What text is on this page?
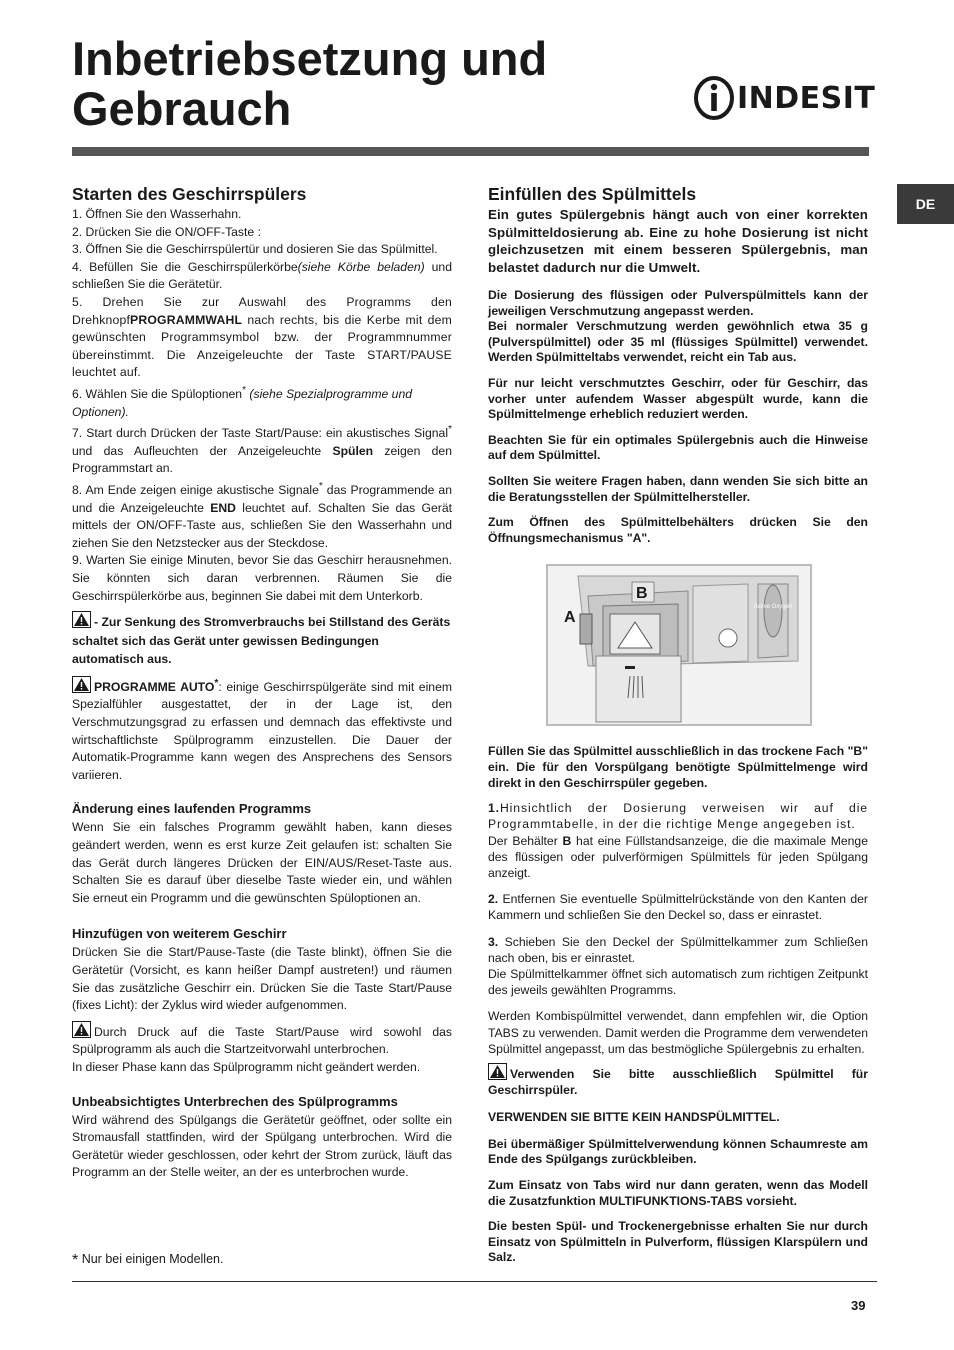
Inbetriebsetzung und Gebrauch	INDESIT
DE
Starten des Geschirrspülers

1. Öffnen Sie den Wasserhahn.

2. Drücken Sie die ON/OFF-Taste :

3. Öffnen Sie die Geschirrspülertür und dosieren Sie das Spülmittel.

4. Befüllen Sie die Geschirrspülerkörbe(siehe Körbe beladen) und schließen Sie die Gerätetür.

5. Drehen Sie zur Auswahl des Programms den DrehknopfPROGRAMMWAHL nach rechts, bis die Kerbe mit dem gewünschten Programmsymbol bzw. der Programmnummer übereinstimmt. Die Anzeigeleuchte der Taste START/PAUSE leuchtet auf.

6. Wählen Sie die Spüloptionen* (siehe Spezialprogramme und Optionen).

7. Start durch Drücken der Taste Start/Pause: ein akustisches Signal* und das Aufleuchten der Anzeigeleuchte Spülen zeigen den Programmstart an.

8. Am Ende zeigen einige akustische Signale* das Programmende an und die Anzeigeleuchte END leuchtet auf. Schalten Sie das Gerät mittels der ON/OFF-Taste aus, schließen Sie den Wasserhahn und ziehen Sie den Netzstecker aus der Steckdose.

9. Warten Sie einige Minuten, bevor Sie das Geschirr herausnehmen. Sie könnten sich daran verbrennen. Räumen Sie die Geschirrspülerkörbe aus, beginnen Sie dabei mit dem Unterkorb.

- Zur Senkung des Stromverbrauchs bei Stillstand des Geräts schaltet sich das Gerät unter gewissen Bedingungen automatisch aus.

PROGRAMME AUTO*: einige Geschirrspülgeräte sind mit einem Spezialfühler ausgestattet, der in der Lage ist, den Verschmutzungsgrad zu erfassen und demnach das effektivste und wirtschaftlichste Spülprogramm einzustellen. Die Dauer der Automatik-Programme kann wegen des Ansprechens des Sensors variieren.

Änderung eines laufenden Programms

Wenn Sie ein falsches Programm gewählt haben, kann dieses geändert werden, wenn es erst kurze Zeit gelaufen ist: schalten Sie das Gerät durch längeres Drücken der EIN/AUS/Reset-Taste aus. Schalten Sie es darauf über dieselbe Taste wieder ein, und wählen Sie erneut ein Programm und die gewünschten Spüloptionen an.

Hinzufügen von weiterem Geschirr

Drücken Sie die Start/Pause-Taste (die Taste blinkt), öffnen Sie die Gerätetür (Vorsicht, es kann heißer Dampf austreten!) und räumen Sie das zusätzliche Geschirr ein. Drücken Sie die Taste Start/Pause (fixes Licht): der Zyklus wird wieder aufgenommen.

Durch Druck auf die Taste Start/Pause wird sowohl das Spülprogramm als auch die Startzeitvorwahl unterbrochen.

In dieser Phase kann das Spülprogramm nicht geändert werden.

Unbeabsichtigtes Unterbrechen des Spülprogramms

Wird während des Spülgangs die Gerätetür geöffnet, oder sollte ein Stromausfall stattfinden, wird der Spülgang unterbrochen. Wird die Gerätetür wieder geschlossen, oder kehrt der Strom zurück, läuft das Programm an der Stelle weiter, an der es unterbrochen wurde.

* Nur bei einigen Modellen.
Einfüllen des Spülmittels

Ein gutes Spülergebnis hängt auch von einer korrekten Spülmitteldosierung ab. Eine zu hohe Dosierung ist nicht gleichzusetzen mit einem besseren Spülergebnis, man belastet dadurch nur die Umwelt.

Die Dosierung des flüssigen oder Pulverspülmittels kann der jeweiligen Verschmutzung angepasst werden.

Bei normaler Verschmutzung werden gewöhnlich etwa 35 g (Pulverspülmittel) oder 35 ml (flüssiges Spülmittel) verwendet. Werden Spülmitteltabs verwendet, reicht ein Tab aus.

Für nur leicht verschmutztes Geschirr, oder für Geschirr, das vorher unter aufendem Wasser abgespült wurde, kann die Spülmittelmenge erheblich reduziert werden.

Beachten Sie für ein optimales Spülergebnis auch die Hinweise auf dem Spülmittel.

Sollten Sie weitere Fragen haben, dann wenden Sie sich bitte an die Beratungsstellen der Spülmittelhersteller.

Zum Öffnen des Spülmittelbehälters drücken Sie den Öffnungsmechanismus "A".

Active Oxygen
A
B

Füllen Sie das Spülmittel ausschließlich in das trockene Fach "B" ein. Die für den Vorspülgang benötigte Spülmittelmenge wird direkt in den Geschirrspüler gegeben.

1.Hinsichtlich der Dosierung verweisen wir auf die Programmtabelle, in der die richtige Menge angegeben ist.

Der Behälter B hat eine Füllstandsanzeige, die die maximale Menge des flüssigen oder pulverförmigen Spülmittels für jeden Spülgang anzeigt.

2. Entfernen Sie eventuelle Spülmittelrückstände von den Kanten der Kammern und schließen Sie den Deckel so, dass er einrastet.

3. Schieben Sie den Deckel der Spülmittelkammer zum Schließen nach oben, bis er einrastet.

Die Spülmittelkammer öffnet sich automatisch zum richtigen Zeitpunkt des jeweils gewählten Programms.

Werden Kombispülmittel verwendet, dann empfehlen wir, die Option TABS zu verwenden. Damit werden die Programme dem verwendeten Spülmittel angepasst, um das bestmögliche Spülergebnis zu erhalten.

Verwenden Sie bitte ausschließlich Spülmittel für Geschirrspüler.

VERWENDEN SIE BITTE KEIN HANDSPÜLMITTEL.

Bei übermäßiger Spülmittelverwendung können Schaumreste am Ende des Spülgangs zurückbleiben.

Zum Einsatz von Tabs wird nur dann geraten, wenn das Modell die Zusatzfunktion MULTIFUNKTIONS-TABS vorsieht.

Die besten Spül- und Trockenergebnisse erhalten Sie nur durch Einsatz von Spülmitteln in Pulverform, flüssigen Klarspülern und Salz.

39
